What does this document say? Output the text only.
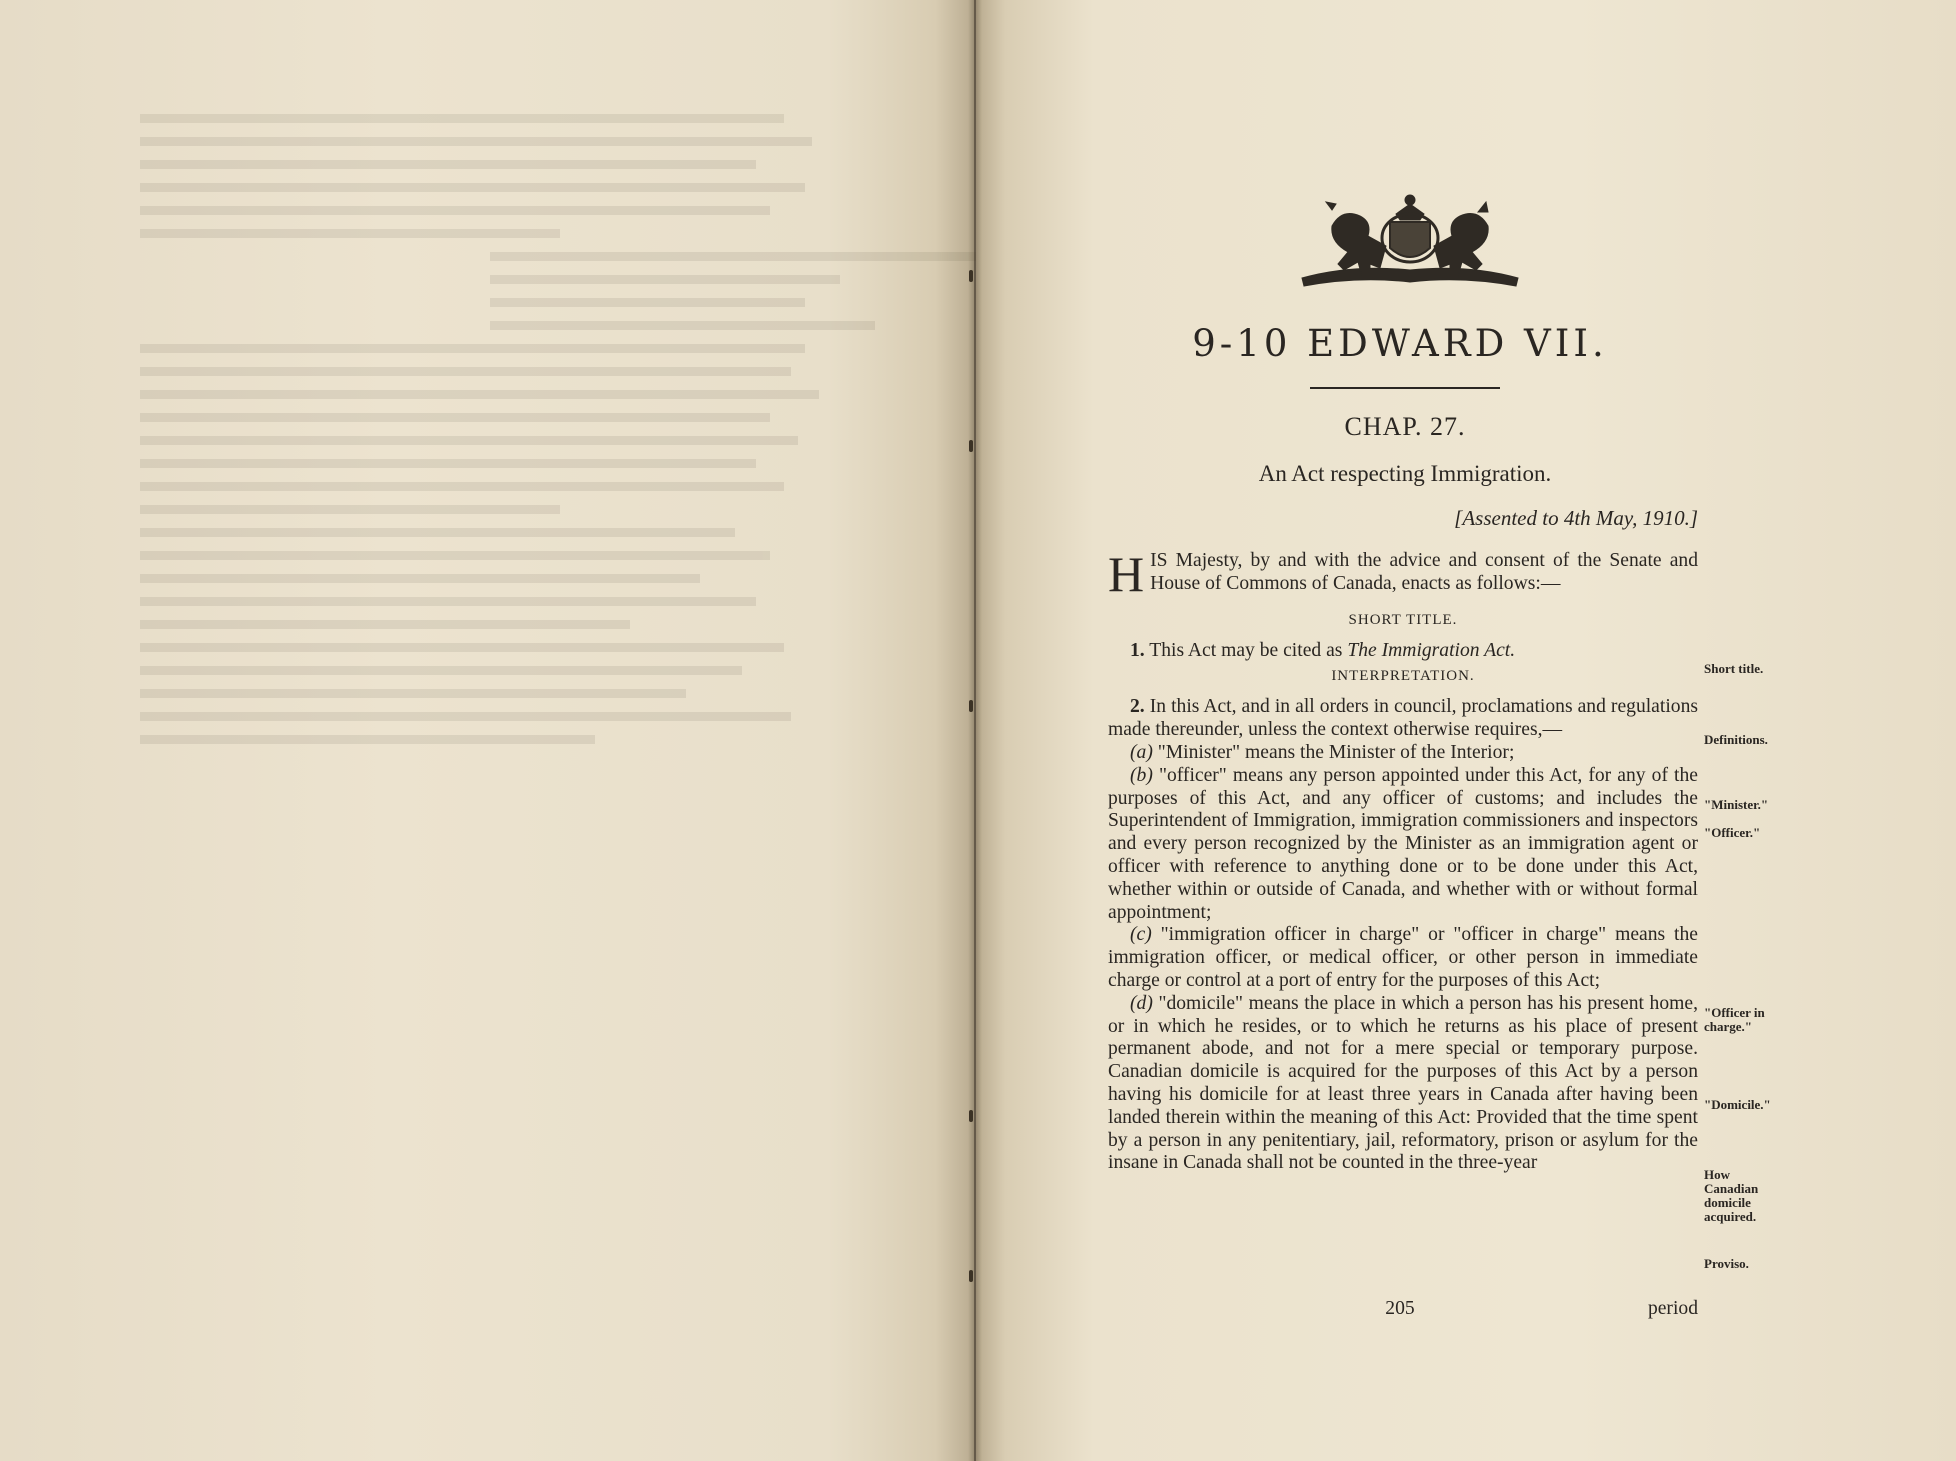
9-10 EDWARD VII.
CHAP. 27.
An Act respecting Immigration.
[Assented to 4th May, 1910.]

H IS Majesty, by and with the advice and consent of the Senate and House of Commons of Canada, enacts as follows:—

SHORT TITLE.

1. This Act may be cited as The Immigration Act.

INTERPRETATION.

2. In this Act, and in all orders in council, proclamations and regulations made thereunder, unless the context otherwise requires,—

(a) "Minister" means the Minister of the Interior;

(b) "officer" means any person appointed under this Act, for any of the purposes of this Act, and any officer of customs; and includes the Superintendent of Immigration, immigration commissioners and inspectors and every person recognized by the Minister as an immigration agent or officer with reference to anything done or to be done under this Act, whether within or outside of Canada, and whether with or without formal appointment;

(c) "immigration officer in charge" or "officer in charge" means the immigration officer, or medical officer, or other person in immediate charge or control at a port of entry for the purposes of this Act;

(d) "domicile" means the place in which a person has his present home, or in which he resides, or to which he returns as his place of present permanent abode, and not for a mere special or temporary purpose. Canadian domicile is acquired for the purposes of this Act by a person having his domicile for at least three years in Canada after having been landed therein within the meaning of this Act: Provided that the time spent by a person in any penitentiary, jail, reformatory, prison or asylum for the insane in Canada shall not be counted in the three-year

Short title.
Definitions.
"Minister."
"Officer."
"Officer in charge."
"Domicile."
How Canadian domicile acquired.
Proviso.
205	period
